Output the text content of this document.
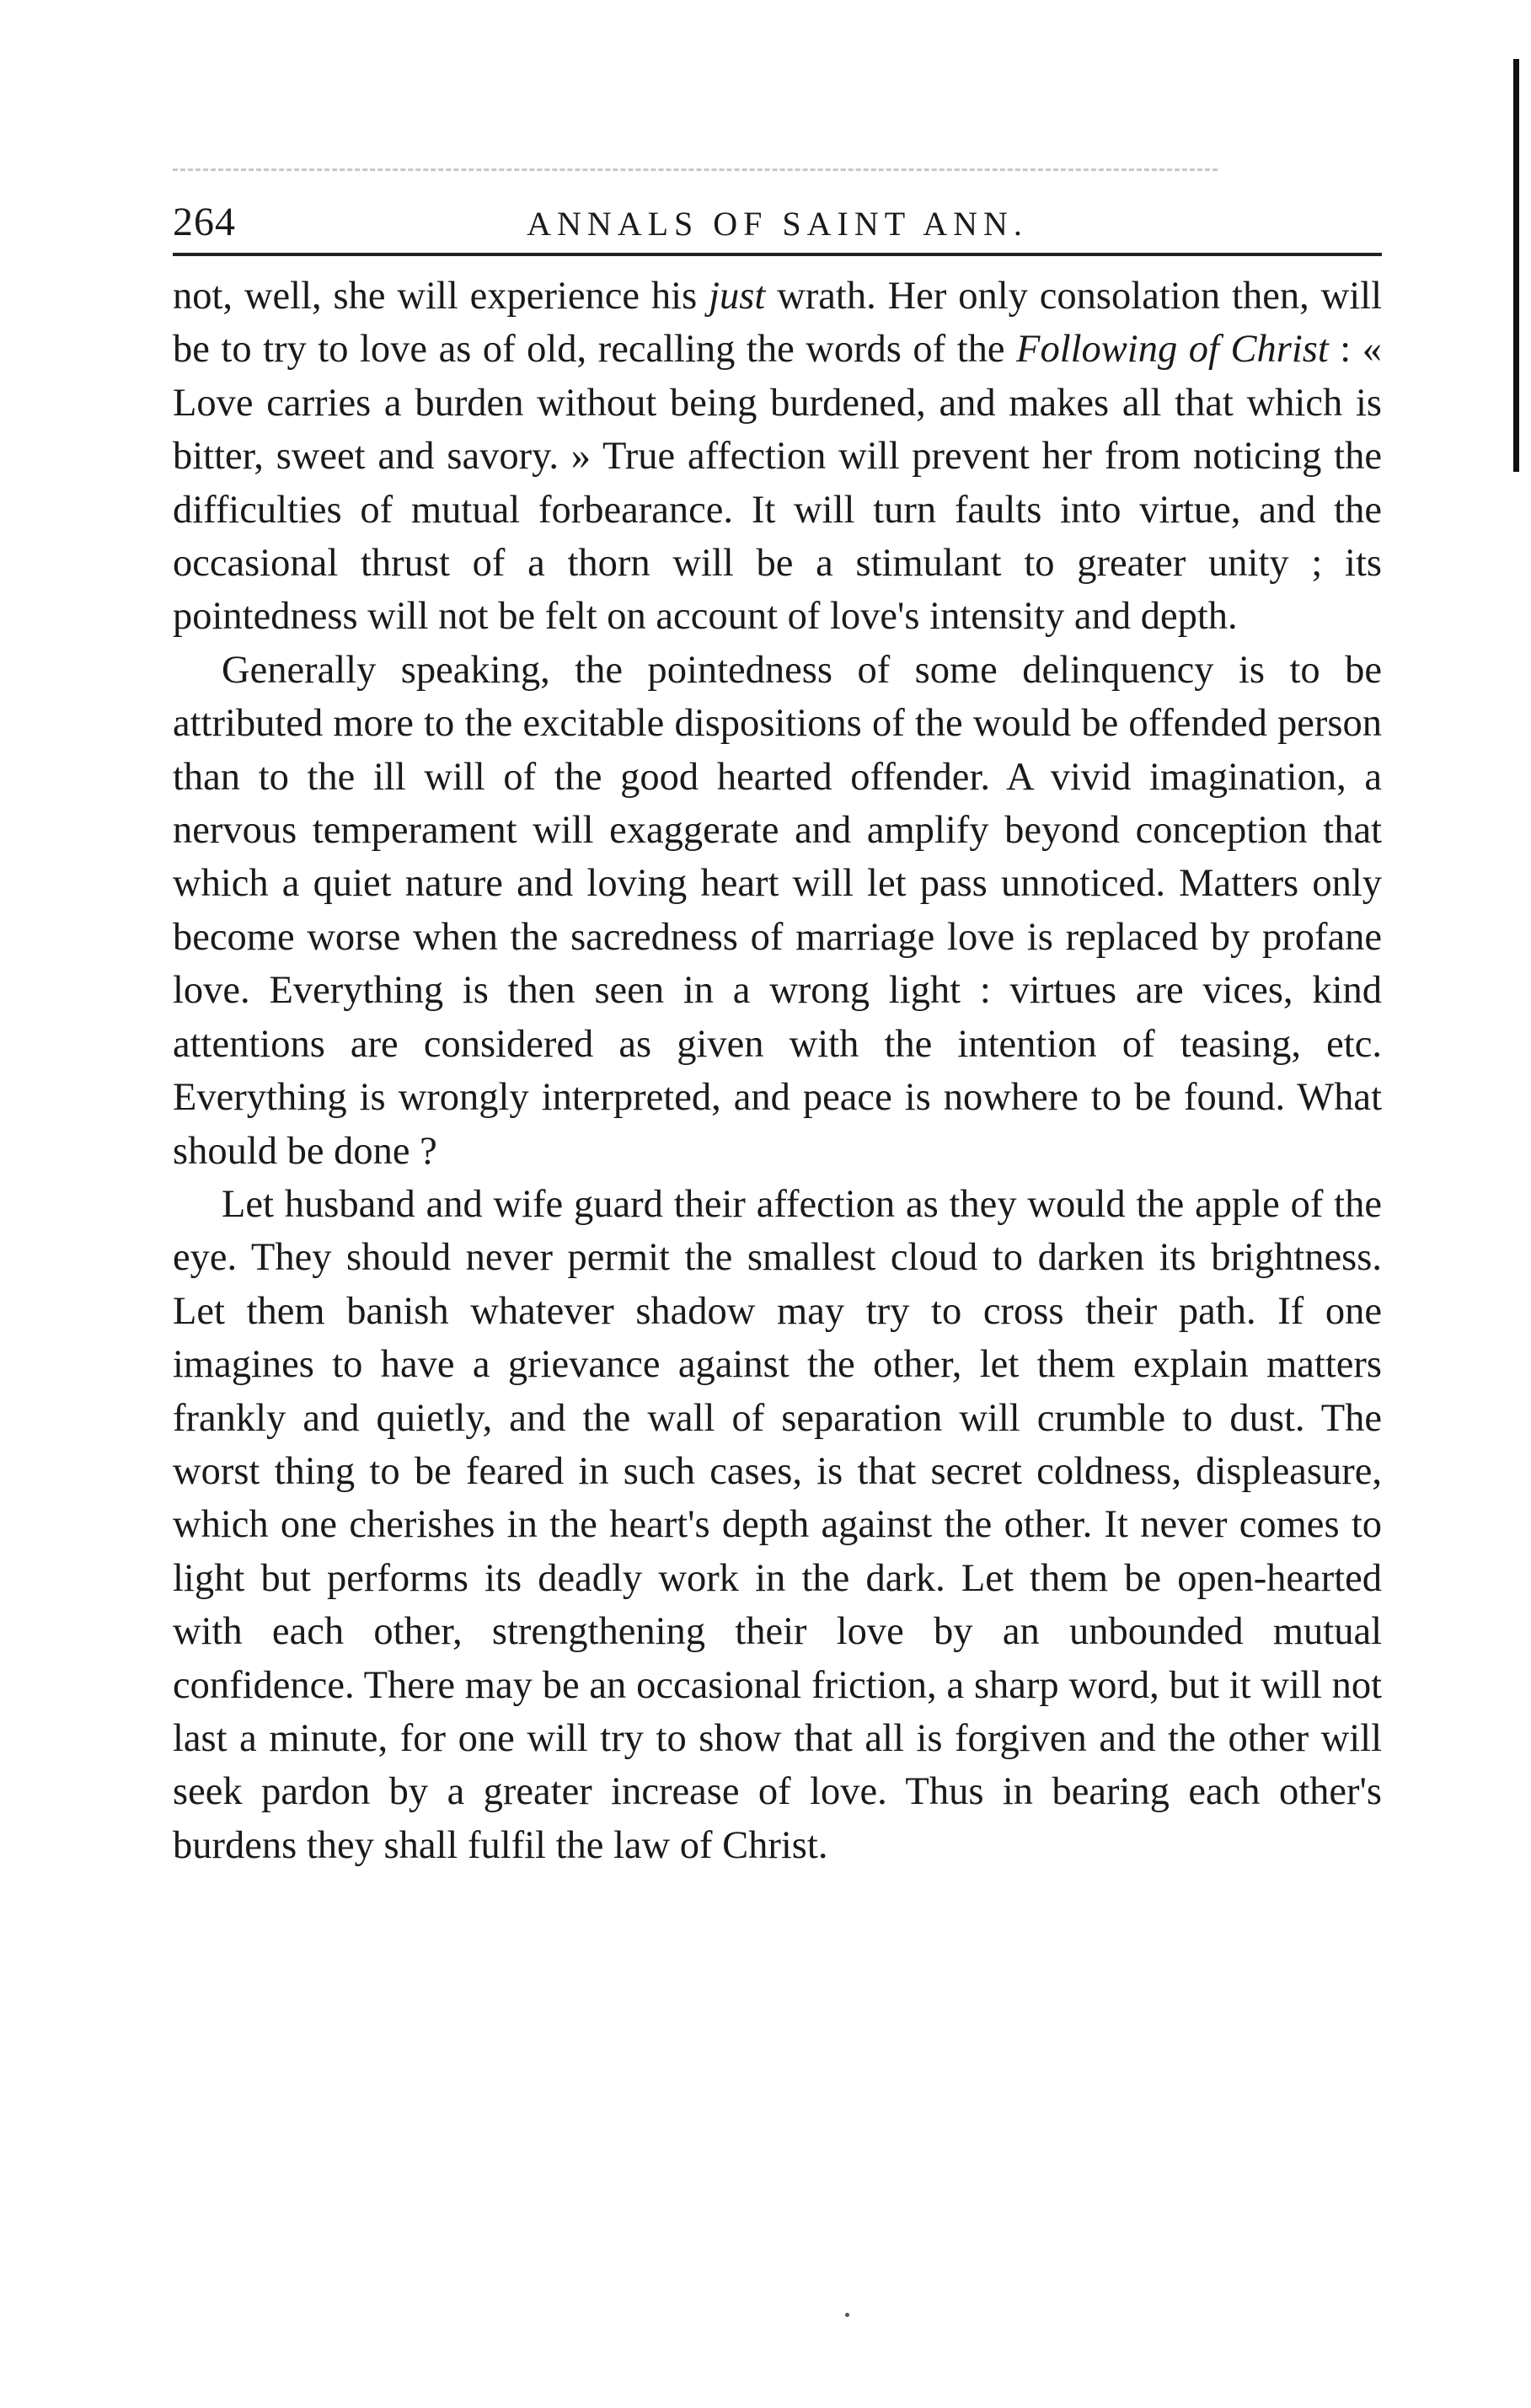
264	ANNALS OF SAINT ANN.

not, well, she will experience his just wrath. Her only consolation then, will be to try to love as of old, recalling the words of the Following of Christ : « Love carries a burden without being burdened, and makes all that which is bitter, sweet and savory. » True affection will prevent her from noticing the difficulties of mutual forbearance. It will turn faults into virtue, and the occasional thrust of a thorn will be a stimulant to greater unity ; its pointedness will not be felt on account of love's intensity and depth.

Generally speaking, the pointedness of some delinquency is to be attributed more to the excitable dispositions of the would be offended person than to the ill will of the good hearted offender. A vivid imagination, a nervous temperament will exaggerate and amplify beyond conception that which a quiet nature and loving heart will let pass unnoticed. Matters only become worse when the sacredness of marriage love is replaced by profane love. Everything is then seen in a wrong light : virtues are vices, kind attentions are considered as given with the intention of teasing, etc. Everything is wrongly interpreted, and peace is nowhere to be found. What should be done ?

Let husband and wife guard their affection as they would the apple of the eye. They should never permit the smallest cloud to darken its brightness. Let them banish whatever shadow may try to cross their path. If one imagines to have a grievance against the other, let them explain matters frankly and quietly, and the wall of separation will crumble to dust. The worst thing to be feared in such cases, is that secret coldness, displeasure, which one cherishes in the heart's depth against the other. It never comes to light but performs its deadly work in the dark. Let them be open-hearted with each other, strengthening their love by an unbounded mutual confidence. There may be an occasional friction, a sharp word, but it will not last a minute, for one will try to show that all is forgiven and the other will seek pardon by a greater increase of love. Thus in bearing each other's burdens they shall fulfil the law of Christ.
